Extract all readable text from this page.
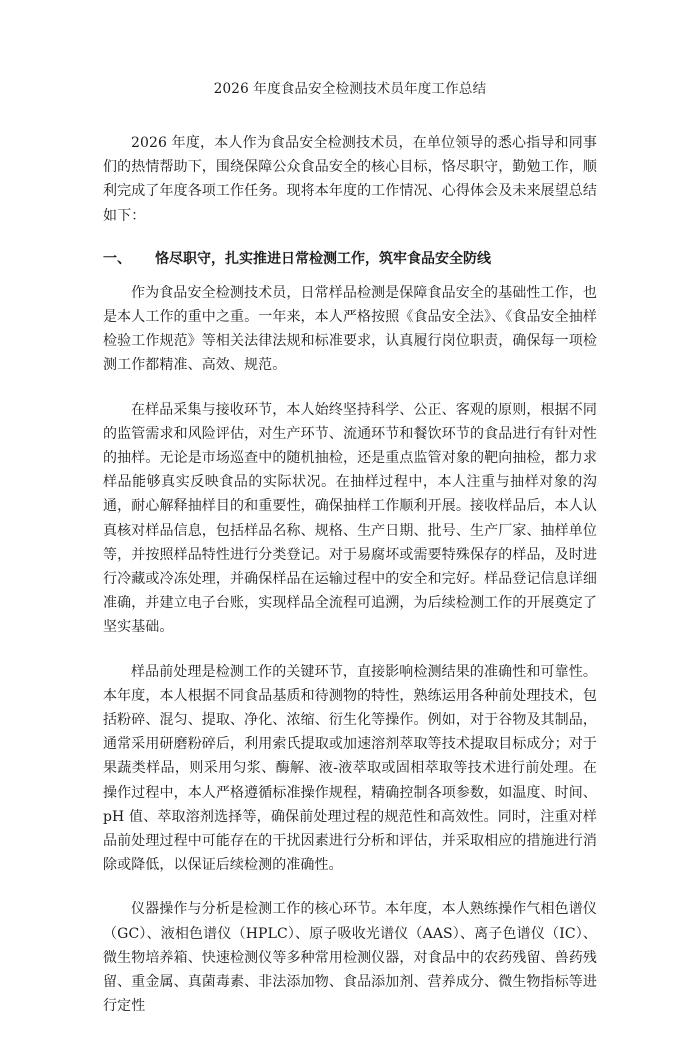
2026 年度食品安全检测技术员年度工作总结

2026 年度，本人作为食品安全检测技术员，在单位领导的悉心指导和同事们的热情帮助下，围绕保障公众食品安全的核心目标，恪尽职守，勤勉工作，顺利完成了年度各项工作任务。现将本年度的工作情况、心得体会及未来展望总结如下：

一、	恪尽职守，扎实推进日常检测工作，筑牢食品安全防线

作为食品安全检测技术员，日常样品检测是保障食品安全的基础性工作，也是本人工作的重中之重。一年来，本人严格按照《食品安全法》、《食品安全抽样检验工作规范》等相关法律法规和标准要求，认真履行岗位职责，确保每一项检测工作都精准、高效、规范。

在样品采集与接收环节，本人始终坚持科学、公正、客观的原则，根据不同的监管需求和风险评估，对生产环节、流通环节和餐饮环节的食品进行有针对性的抽样。无论是市场巡查中的随机抽检，还是重点监管对象的靶向抽检，都力求样品能够真实反映食品的实际状况。在抽样过程中，本人注重与抽样对象的沟通，耐心解释抽样目的和重要性，确保抽样工作顺利开展。接收样品后，本人认真核对样品信息，包括样品名称、规格、生产日期、批号、生产厂家、抽样单位等，并按照样品特性进行分类登记。对于易腐坏或需要特殊保存的样品，及时进行冷藏或冷冻处理，并确保样品在运输过程中的安全和完好。样品登记信息详细准确，并建立电子台账，实现样品全流程可追溯，为后续检测工作的开展奠定了坚实基础。

样品前处理是检测工作的关键环节，直接影响检测结果的准确性和可靠性。本年度，本人根据不同食品基质和待测物的特性，熟练运用各种前处理技术，包括粉碎、混匀、提取、净化、浓缩、衍生化等操作。例如，对于谷物及其制品，通常采用研磨粉碎后，利用索氏提取或加速溶剂萃取等技术提取目标成分；对于果蔬类样品，则采用匀浆、酶解、液-液萃取或固相萃取等技术进行前处理。在操作过程中，本人严格遵循标准操作规程，精确控制各项参数，如温度、时间、 pH 值、萃取溶剂选择等，确保前处理过程的规范性和高效性。同时，注重对样品前处理过程中可能存在的干扰因素进行分析和评估，并采取相应的措施进行消除或降低，以保证后续检测的准确性。

仪器操作与分析是检测工作的核心环节。本年度，本人熟练操作气相色谱仪（GC）、液相色谱仪（HPLC）、原子吸收光谱仪（AAS）、离子色谱仪（IC）、微生物培养箱、快速检测仪等多种常用检测仪器，对食品中的农药残留、兽药残留、重金属、真菌毒素、非法添加物、食品添加剂、营养成分、微生物指标等进行定性
